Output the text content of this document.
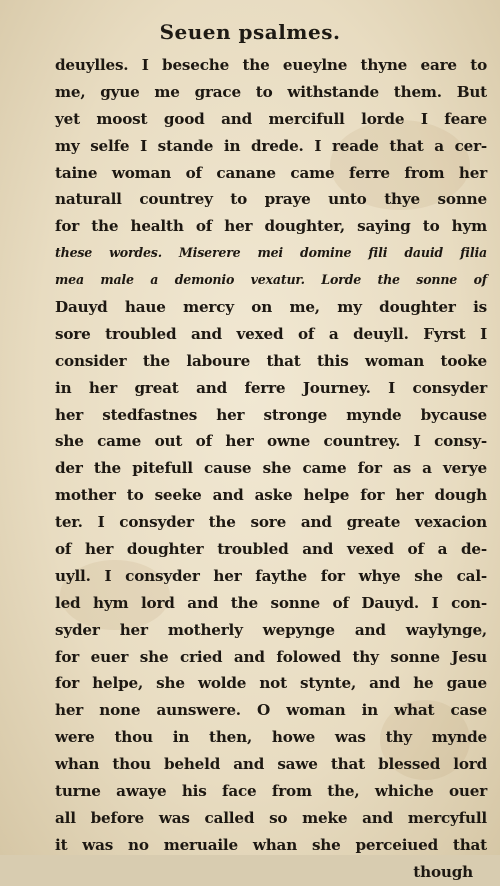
Seuen psalmes.
deuylles. I beseche the eueylne thyne eare to
me, gyue me grace to withstande them. But
yet moost good and mercifull lorde I feare
my selfe I stande in drede. I reade that a cer-
taine woman of canane came ferre from her
naturall countrey to praye unto thye sonne
for the health of her doughter, saying to hym
these wordes. Miserere mei domine fili dauid filia
mea male a demonio vexatur. Lorde the sonne of
Dauyd haue mercy on me, my doughter is
sore troubled and vexed of a deuyll. Fyrst I
consider the laboure that this woman tooke
in her great and ferre Journey. I consyder
her stedfastnes her stronge mynde bycause
she came out of her owne countrey. I consy-
der the pitefull cause she came for as a verye
mother to seeke and aske helpe for her dough
ter. I consyder the sore and greate vexacion
of her doughter troubled and vexed of a de-
uyll. I consyder her faythe for whye she cal-
led hym lord and the sonne of Dauyd. I con-
syder her motherly wepynge and waylynge,
for euer she cried and folowed thy sonne Jesu
for helpe, she wolde not stynte, and he gaue
her none aunswere. O woman in what case
were thou in then, howe was thy mynde
whan thou beheld and sawe that blessed lord
turne awaye his face from the, whiche ouer
all before was called so meke and mercyfull
it was no meruaile whan she perceiued that
though
